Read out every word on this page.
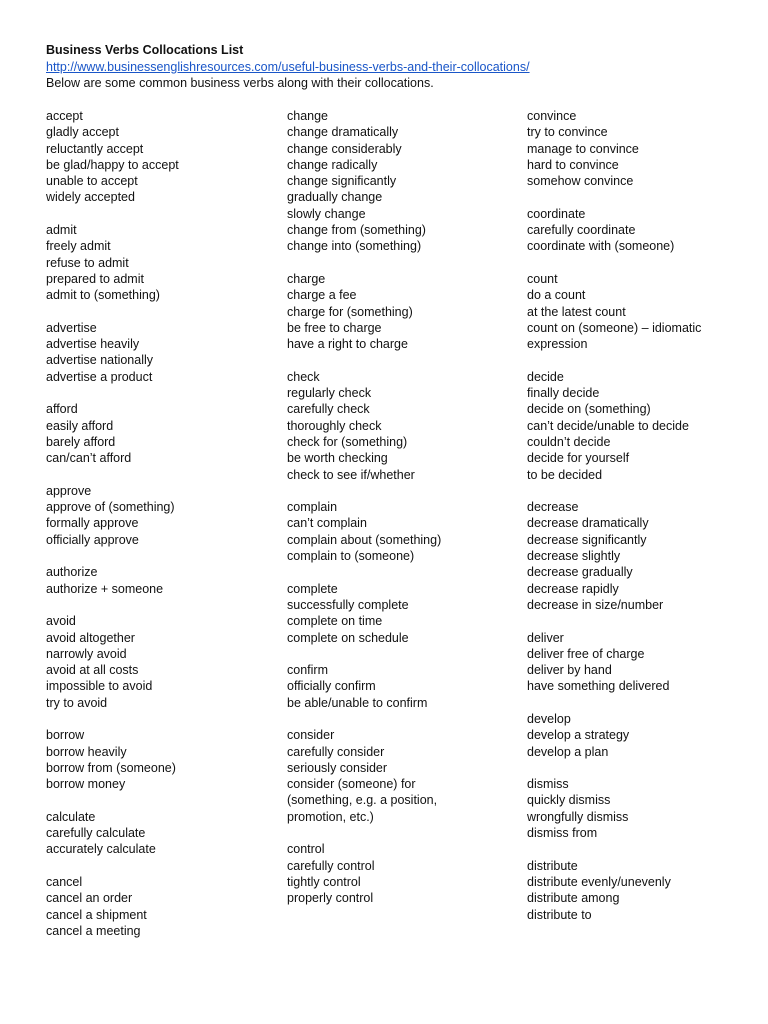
Business Verbs Collocations List
http://www.businessenglishresources.com/useful-business-verbs-and-their-collocations/
Below are some common business verbs along with their collocations.
accept
gladly accept
reluctantly accept
be glad/happy to accept
unable to accept
widely accepted
admit
freely admit
refuse to admit
prepared to admit
admit to (something)
advertise
advertise heavily
advertise nationally
advertise a product
afford
easily afford
barely afford
can/can’t afford
approve
approve of (something)
formally approve
officially approve
authorize
authorize + someone
avoid
avoid altogether
narrowly avoid
avoid at all costs
impossible to avoid
try to avoid
borrow
borrow heavily
borrow from (someone)
borrow money
calculate
carefully calculate
accurately calculate
cancel
cancel an order
cancel a shipment
cancel a meeting
change
change dramatically
change considerably
change radically
change significantly
gradually change
slowly change
change from (something)
change into (something)
charge
charge a fee
charge for (something)
be free to charge
have a right to charge
check
regularly check
carefully check
thoroughly check
check for (something)
be worth checking
check to see if/whether
complain
can’t complain
complain about (something)
complain to (someone)
complete
successfully complete
complete on time
complete on schedule
confirm
officially confirm
be able/unable to confirm
consider
carefully consider
seriously consider
consider (someone) for
(something, e.g. a position,
promotion, etc.)
control
carefully control
tightly control
properly control
convince
try to convince
manage to convince
hard to convince
somehow convince
coordinate
carefully coordinate
coordinate with (someone)
count
do a count
at the latest count
count on (someone) – idiomatic
expression
decide
finally decide
decide on (something)
can’t decide/unable to decide
couldn’t decide
decide for yourself
to be decided
decrease
decrease dramatically
decrease significantly
decrease slightly
decrease gradually
decrease rapidly
decrease in size/number
deliver
deliver free of charge
deliver by hand
have something delivered
develop
develop a strategy
develop a plan
dismiss
quickly dismiss
wrongfully dismiss
dismiss from
distribute
distribute evenly/unevenly
distribute among
distribute to
